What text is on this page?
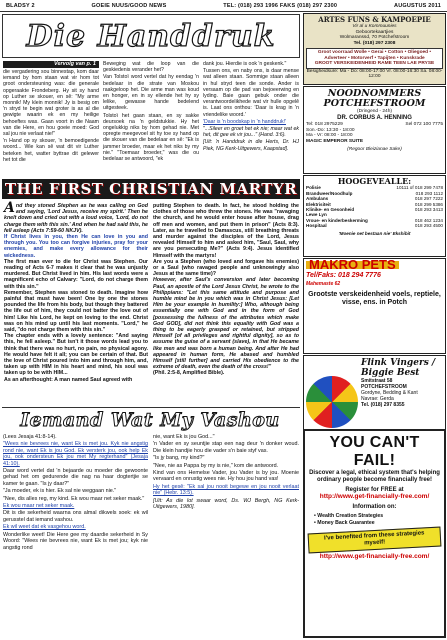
BLADSY 2	GOEIE NUUS/GOOD NEWS	TEL: (018) 293 1996 FAKS (018) 297 2300	AUGUSTUS 2011
Die Handdruk
Vervolg van p. 1

die vergadering sou binnestap, kom daar iemand by hom staan wat vir hom tot groot ondersteuning was: die generale opgeraakte Frondeberg. Hy sit sy hand op Luther se skouer, en sê: "My arme monnik! My klein monnik! Jy is besig om 'n stryd te begin wat groter is as al die gewigte waarin ek en my heilige behoeftes was. Gaan voort in die Naam van die Here, en hou goeie moed: God sal jou nie verlaat nie!"

'n Hand op sy skouer, 'n bemoedigende woord... Wie kan sê wat dit vir Luther beteken het, watter byttrae dit gelewer het tot die

Beweging wat die loop van die geskiedenis verander het?

Van Tolstoï word vertel dat hy eendag 'n bedelaar in die strate van Moskou raakgeloop het. Die arme man was koud en honger, en in sy ellende het hy sy lelike, gewasse hande bedelend uitgesteek.

Tolstoï het gaan staan, en sy sakke deursoek na 'n geldstukkie. Hy het ongelukkig niks by hom gehad nie. Met opregte meegevoel sit hy toe sy hand op die skouer van die bedelaar en sê: "Ek is jammer broeder, maar ek het niks by my nie." "Toemaar broeder," was die ou bedelaar se antwoord, "ek

dank jou. Hierdie is ook 'n geskenk."

Tussen ons, en naby ons, is daar mense wat alleen staan. Sommige staan alleen in hul stryd teen die sonde. Ander is versaam op die pad van bejoeerwing en lyding. Baie gaan gebuk onder die verantwoordelikhede wat vir hulle opgelê is. Laat ons onthou: 'Daar is krag in 'n vriendelike woord.'

'Daar is 'n boodskap in 'n handdruk!'

"...Sileer en groet het ek nie; maar wat ek het, dit gee ek vir jou..." (Hand. 3:6).

[Uit: 'n Handdruk in die Herts, Dr. HJ Piek, NG Kerk-Uitgewers, Kaapstad].

ARTES FUNS & KAMPOEPIE
Vir al u Kommuunies
Geboortekaartjies
Wolmaranssd, 70 Potchefstroom
Tel. (018) 297 2308
Groot voorraad Wolle • Gerai • Cotton • Oliegoed • Adverteer • Motorverf • Tapijten • Kunskrade
GROOT VERSKEIDENHEID RAME TEEN LAE PRYSE
Besigheidsure: Ma - Do: 08:00-17:00 Vr. 08:00-16:30 Sa. 08:00-12:00
NOODNOMMERS POTCHEFSTROOM
(Dringend - 24h)
DR. CORBUS A. HENNING
Tel: 018 2975229	Sel 072 100 7775
Son.-Do: 13:30 - 18:00
Ma - Vr: 08:00 - 18:00
MAGIC EMPEROR SUITE
(Regoor Bleizianae Sake)
HOOGEVEALLE:
Polisie	10111 of 018 299 7478
Brandweer/Noodhulp	018 293 1112
Ambulans	018 297 7222
Elektrisiteit	018 299 5386
Klinike- en Gesonheid	018 293 3413
Lewe Lyn
Vroue- en kinderbeskerming	018 462 1234
Hospitaal	018 293 4500
'Moenie net bestaan nie' Ekshibit
MAKRO PETS
Tel/Faks: 018 294 7776
Mahemaste 62
Grootste verskeidenheid voels, reptiele, visse, ens. in Potch
Flink Vingers / Biggie Best
Smitstraat 58
POTCHEFSTROOM
Gordyne, Bedding & Kant
Navrae: Gerda
Tel. (018) 297 8355
THE FIRST CHRISTIAN MARTYR

And they stoned Stephen as he was calling on God and saying, 'Lord Jesus, receive my spirit.' Then he knelt down and cried out with a loud voice, 'Lord, do not charge them with this sin.' And when he had said this, he fell asleep (Acts 7:59-60 NKJV).

If Christ lives in you, then He can love in you and through you. You too can forgive injuries, pray for your enemies, and make every allowance for their wickedness.

The first man ever to die for Christ was Stephen. Our reading of Acts 6-7 makes it clear that he was unjustly murdered. But Christ lived in him. His last words were a magnificent echo of Calvary: "Lord, do not charge them with this sin."

Remember, Stephen was stoned to death. Imagine how painful that must have been! One by one the stones pounded the life from his body, but though they battered the life out of him, they could not batter the love out of him! Like his Lord, he kept on loving to the end. Christ was on his mind up until his last moments. "Lord," he said, "do not charge them with this sin."

The chapter ends with a lovely sentence: "And saying this, he fell asleep." But isn't it those words lead you to think that there was no hurt, no pain, no physical agony. He would have felt it all; you can be certain of that. But the love of Christ poured into him and through him, and, taken up with HIM in his heart and mind, his soul was taken up to be with HIM...

As an afterthought: A man named Saul agreed with

putting Stephen to death. In fact, he stood holding the clothes of those who threw the stones. He was "ravaging the church, and he would enter house after house, drag off men and women, and put them in prison" (Acts 8:3). Later, as he travelled to Damascus, still breathing threats and murder against the disciples of the Lord, Jesus revealed Himself to him and asked him, "Saul, Saul, why are you persecuting Me?" (Acts 9:4). Jesus identified Himself with the martyrs!

Are you a Stephen (who loved and forgave his enemies) or a Saul (who ravaged people and unknowingly also Jesus at the same time)?

However, after Saul's conversion and later becoming Paul, an apostle of the Lord Jesus Christ, he wrote to the Philippians: "Let this same attitude and purpose and humble mind be in you which was in Christ Jesus: [Let Him be your example in humility:] Who, although being essentially one with God and in the form of God [possessing the fullness of the attributes which make God GOD], did not think this equality with God was a thing to be eagerly grasped or retained, but stripped Himself [of all privileges and rightful dignity], so as to assume the guise of a servant (slave), in that He became like men and was born a human being. And after He had appeared in human form, He abased and humbled Himself [still further] and carried His obedience to the extreme of death, even the death of the cross!"

(Phil. 2:5-8, Amplified Bible).

Iemand Wat My Vashou

(Lees Jesaja 41:8-14).

"Wees nie bevrees nie, want Ek is met jou. Kyk nie angstig rond nie, want Ek is jou God. Ek versterk jou, ook help Ek jou, ook ondersteun Ek jou met My regterhand" (Jesaja 41:10).

Daar word vertel dat 'n bejaarde ou moeder die gewoonte gehad het om gedurende die nag na haar dogtertjie se kamer te gaan. "Is jy daar?"

"Ja moeder, ek is hier. Ek sal nie weggaan nie."

"Nee, dis alles reg, my kind. Ek wou maar net seker maak."

Ek wou maar net seker maak.

Dit is die sekerheid waarna ons almal dikwels soek: ek wil gerusstel dat iemand vashou.

Ek wil weet dat ek vasgehou word.

Wonderlike weet! Die Here gee my daardie sekerheid in Sy Woord: "Wees nie bevrees nie, want Ek is met jou; kyk nie angstig rond

nie, want Ek is jou God..."

'n Vader en sy seuntjie stap een nag deur 'n donker woud. Die klein handjie hou die vader s'n baie styf vas.

"Is jy bang, my kind?"

"Nee, nie as Pappa by my is nie," kom die antwoord.

Kind van ons Hemelse Vader, jou Vader is by jou. Moenie vervaard en onrustig wees nie. Hy hou jou hand vas!

Hy het gesê: "Ek sal jou nooit begewe en jou nooit verlaat nie" (Hebr. 13:5).

[Uit: As die lot swaar word, Ds. WJ Bergh, NG Kerk-Uitgewers, 1980].

YOU CAN'T FAIL!
Discover a legal, ethical system that's helping ordinary people become financially free!
Register for FREE at
http://www.get-financially-free.com/
Information on:
• Wealth Creation Strategies
• Money Back Guarantee
I've benefited from these strategies myself!
http://www.get-financially-free.com/
